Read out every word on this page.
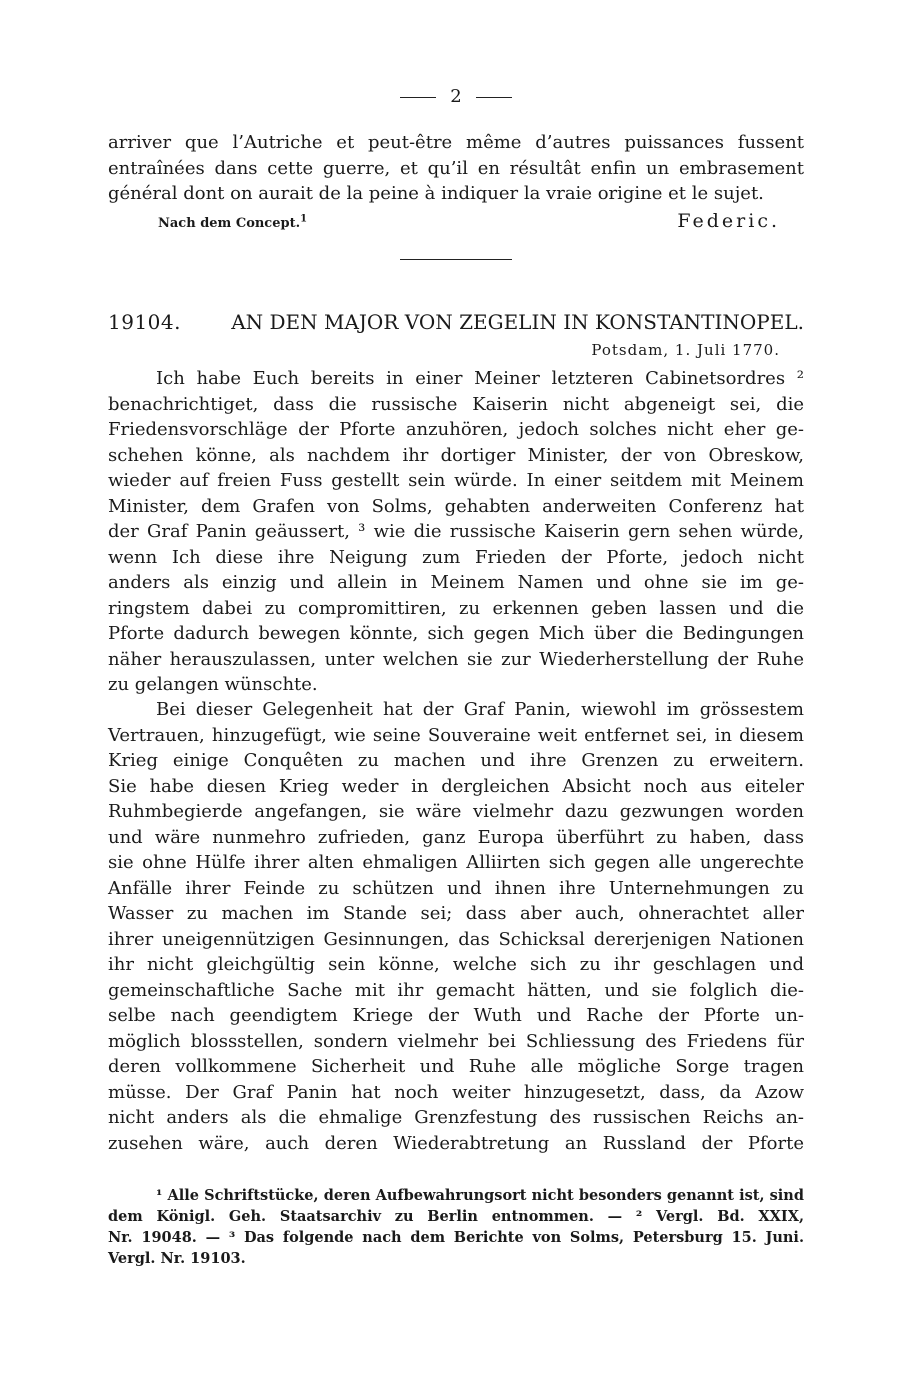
2
arriver que l’Autriche et peut-être même d’autres puissances fussent
entraînées dans cette guerre, et qu’il en résultât enfin un embrasement
général dont on aurait de la peine à indiquer la vraie origine et le sujet.
Nach dem Concept.$^1$	Federic.
19104.	AN DEN MAJOR VON ZEGELIN IN KONSTANTINOPEL.
Potsdam, 1. Juli 1770.
Ich habe Euch bereits in einer Meiner letzteren Cabinetsordres ²
benachrichtiget, dass die russische Kaiserin nicht abgeneigt sei, die
Friedensvorschläge der Pforte anzuhören, jedoch solches nicht eher ge-
schehen könne, als nachdem ihr dortiger Minister, der von Obreskow,
wieder auf freien Fuss gestellt sein würde. In einer seitdem mit Meinem
Minister, dem Grafen von Solms, gehabten anderweiten Conferenz hat
der Graf Panin geäussert, ³ wie die russische Kaiserin gern sehen würde,
wenn Ich diese ihre Neigung zum Frieden der Pforte, jedoch nicht
anders als einzig und allein in Meinem Namen und ohne sie im ge-
ringstem dabei zu compromittiren, zu erkennen geben lassen und die
Pforte dadurch bewegen könnte, sich gegen Mich über die Bedingungen
näher herauszulassen, unter welchen sie zur Wiederherstellung der Ruhe
zu gelangen wünschte.
Bei dieser Gelegenheit hat der Graf Panin, wiewohl im grössestem
Vertrauen, hinzugefügt, wie seine Souveraine weit entfernet sei, in diesem
Krieg einige Conquêten zu machen und ihre Grenzen zu erweitern.
Sie habe diesen Krieg weder in dergleichen Absicht noch aus eiteler
Ruhmbegierde angefangen, sie wäre vielmehr dazu gezwungen worden
und wäre nunmehro zufrieden, ganz Europa überführt zu haben, dass
sie ohne Hülfe ihrer alten ehmaligen Alliirten sich gegen alle ungerechte
Anfälle ihrer Feinde zu schützen und ihnen ihre Unternehmungen zu
Wasser zu machen im Stande sei; dass aber auch, ohnerachtet aller
ihrer uneigennützigen Gesinnungen, das Schicksal dererjenigen Nationen
ihr nicht gleichgültig sein könne, welche sich zu ihr geschlagen und
gemeinschaftliche Sache mit ihr gemacht hätten, und sie folglich die-
selbe nach geendigtem Kriege der Wuth und Rache der Pforte un-
möglich blossstellen, sondern vielmehr bei Schliessung des Friedens für
deren vollkommene Sicherheit und Ruhe alle mögliche Sorge tragen
müsse. Der Graf Panin hat noch weiter hinzugesetzt, dass, da Azow
nicht anders als die ehmalige Grenzfestung des russischen Reichs an-
zusehen wäre, auch deren Wiederabtretung an Russland der Pforte
¹ Alle Schriftstücke, deren Aufbewahrungsort nicht besonders genannt ist, sind
dem Königl. Geh. Staatsarchiv zu Berlin entnommen. — ² Vergl. Bd. XXIX,
Nr. 19048. — ³ Das folgende nach dem Berichte von Solms, Petersburg 15. Juni.
Vergl. Nr. 19103.
